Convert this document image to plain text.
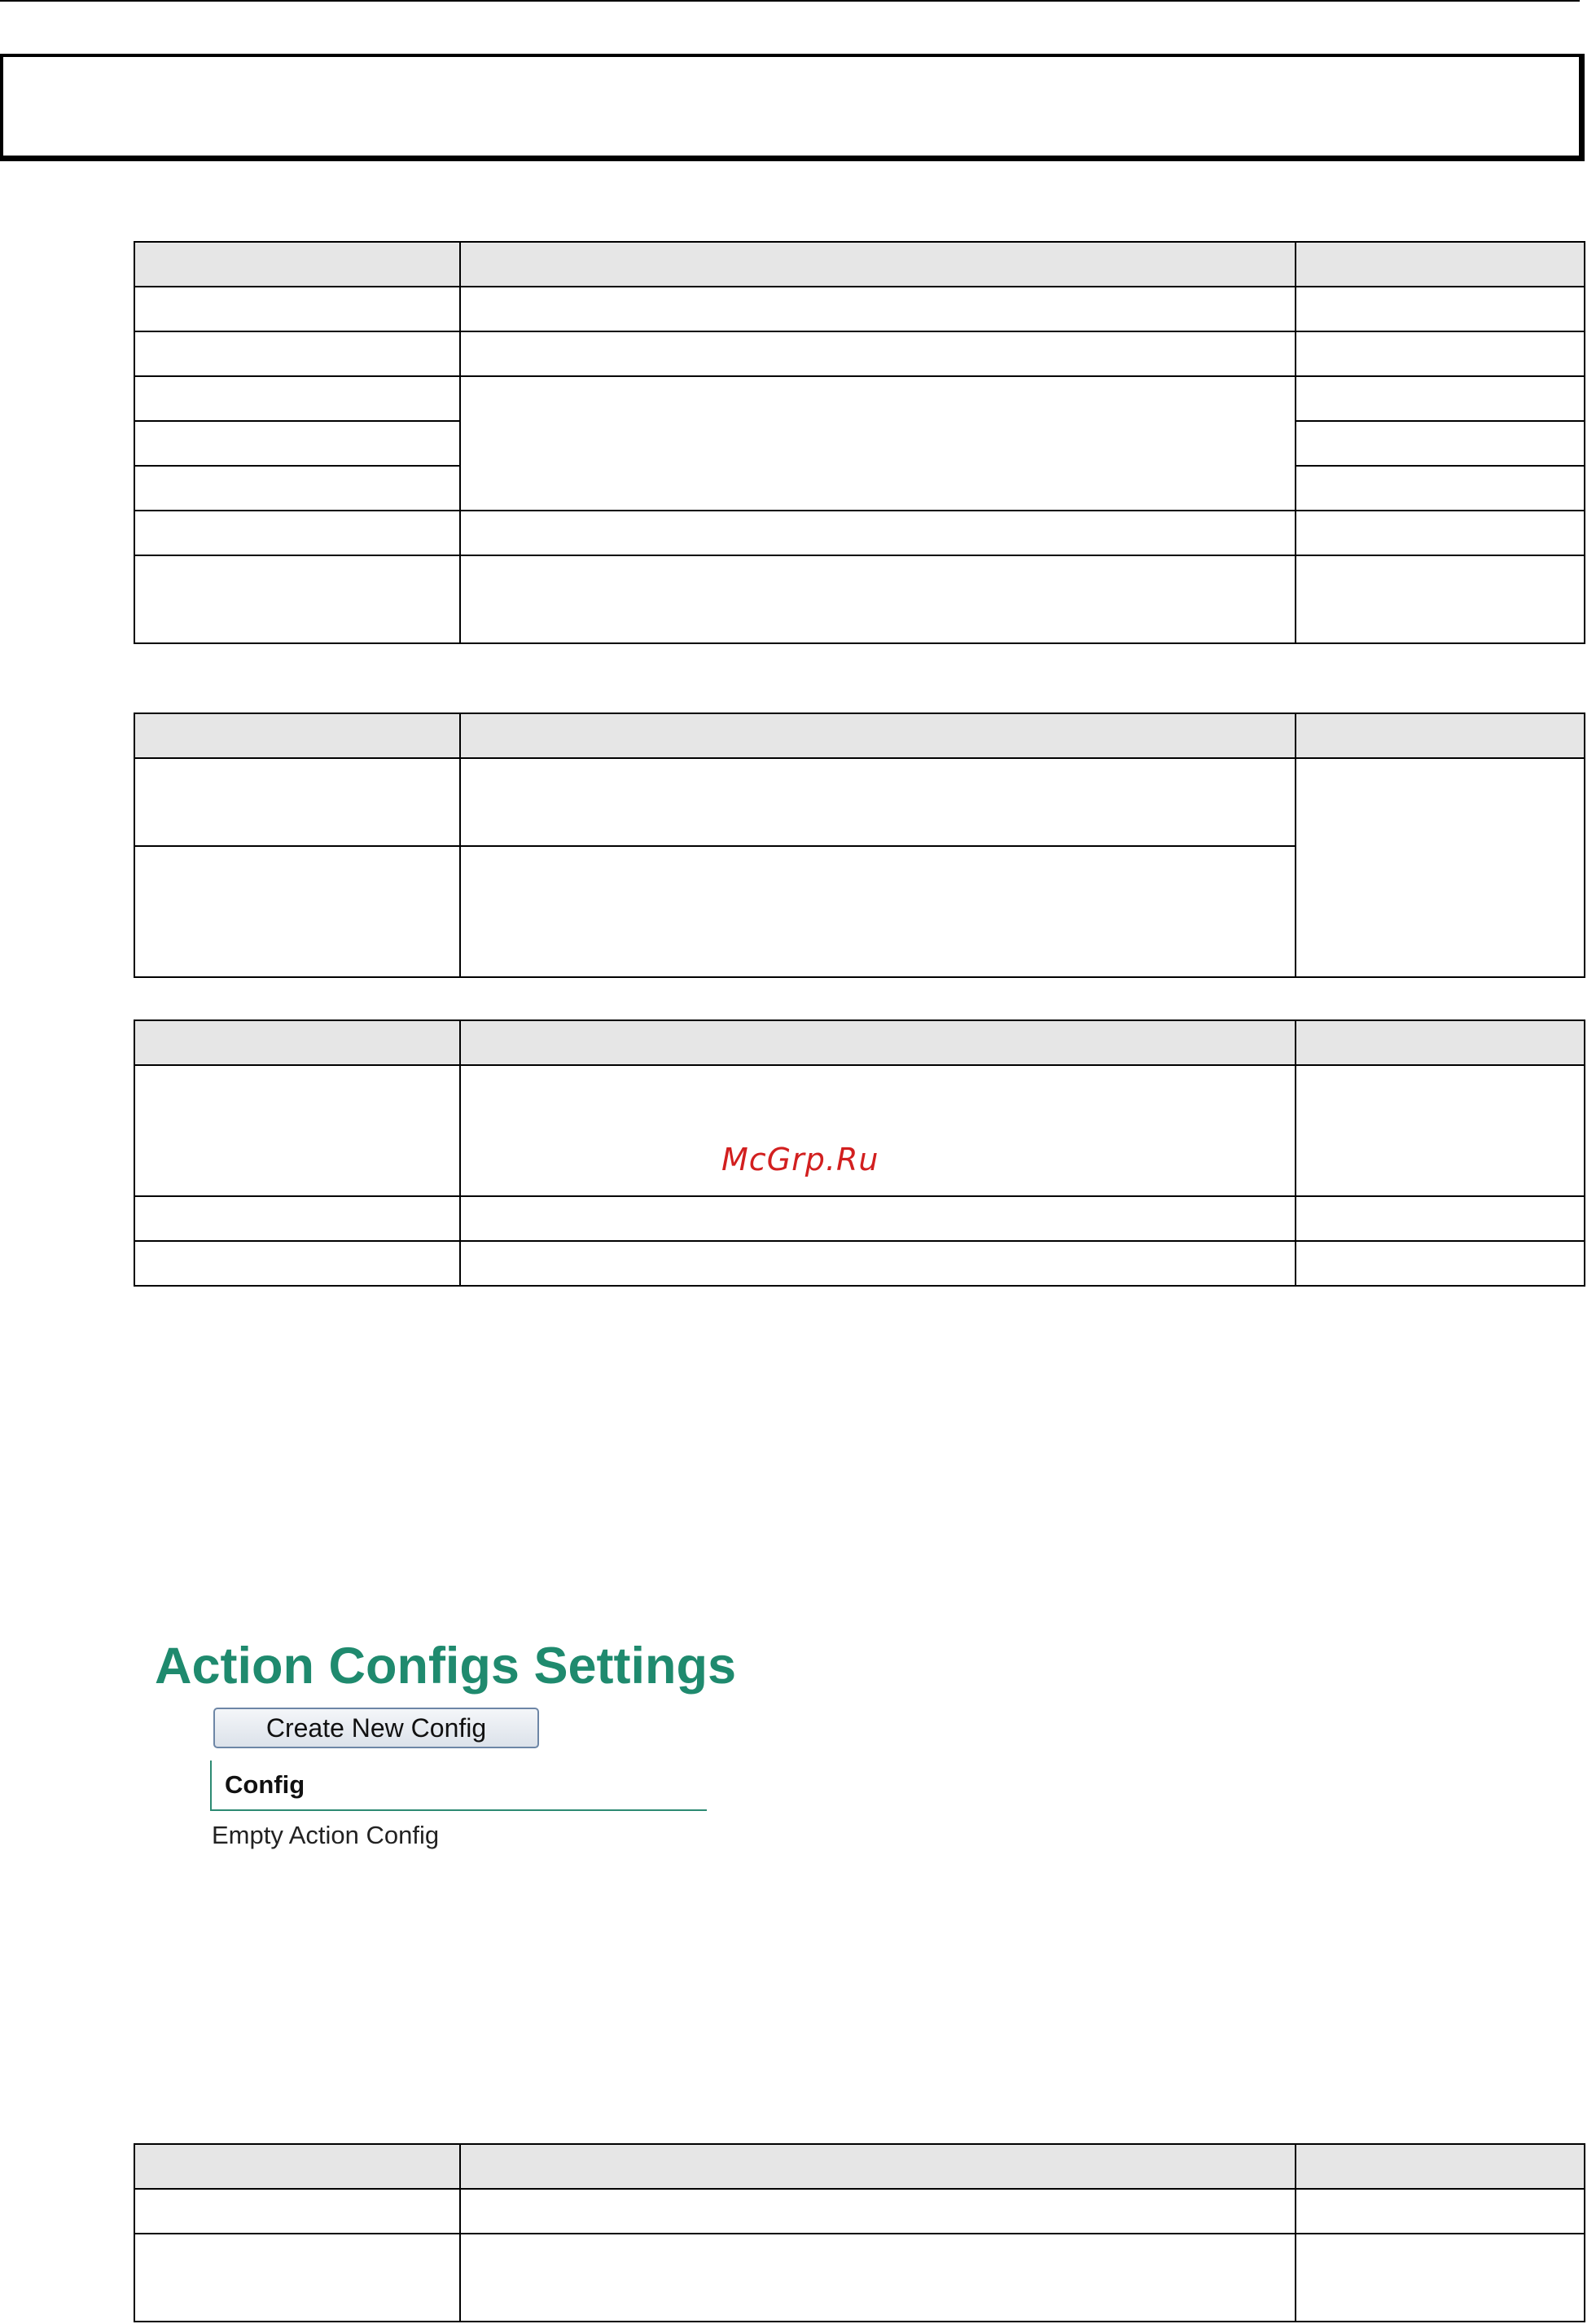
McGrp.Ru
Action Configs Settings
Create New Config
Config
Empty Action Config
